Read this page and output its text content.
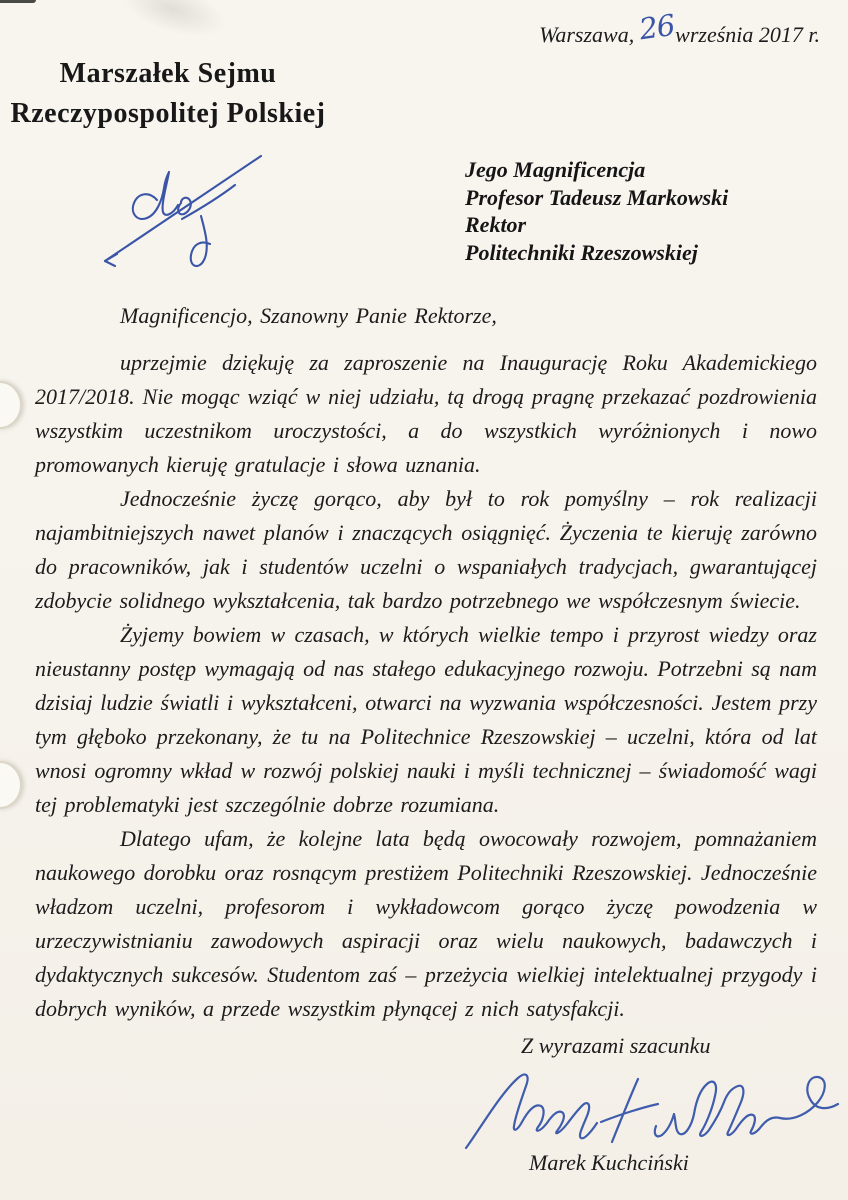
Warszawa, 26września 2017 r.
Marszałek Sejmu
Rzeczypospolitej Polskiej
Jego Magnificencja
Profesor Tadeusz Markowski
Rektor
Politechniki Rzeszowskiej

Magnificencjo, Szanowny Panie Rektorze,

uprzejmie dziękuję za zaproszenie na Inaugurację Roku Akademickiego 2017/2018. Nie mogąc wziąć w niej udziału, tą drogą pragnę przekazać pozdrowienia wszystkim uczestnikom uroczystości, a do wszystkich wyróżnionych i nowo promowanych kieruję gratulacje i słowa uznania.

Jednocześnie życzę gorąco, aby był to rok pomyślny – rok realizacji najambitniejszych nawet planów i znaczących osiągnięć. Życzenia te kieruję zarówno do pracowników, jak i studentów uczelni o wspaniałych tradycjach, gwarantującej zdobycie solidnego wykształcenia, tak bardzo potrzebnego we współczesnym świecie.

Żyjemy bowiem w czasach, w których wielkie tempo i przyrost wiedzy oraz nieustanny postęp wymagają od nas stałego edukacyjnego rozwoju. Potrzebni są nam dzisiaj ludzie światli i wykształceni, otwarci na wyzwania współczesności. Jestem przy tym głęboko przekonany, że tu na Politechnice Rzeszowskiej – uczelni, która od lat wnosi ogromny wkład w rozwój polskiej nauki i myśli technicznej – świadomość wagi tej problematyki jest szczególnie dobrze rozumiana.

Dlatego ufam, że kolejne lata będą owocowały rozwojem, pomnażaniem naukowego dorobku oraz rosnącym prestiżem Politechniki Rzeszowskiej. Jednocześnie władzom uczelni, profesorom i wykładowcom gorąco życzę powodzenia w urzeczywistnianiu zawodowych aspiracji oraz wielu naukowych, badawczych i dydaktycznych sukcesów. Studentom zaś – przeżycia wielkiej intelektualnej przygody i dobrych wyników, a przede wszystkim płynącej z nich satysfakcji.

Z wyrazami szacunku
Marek Kuchciński
